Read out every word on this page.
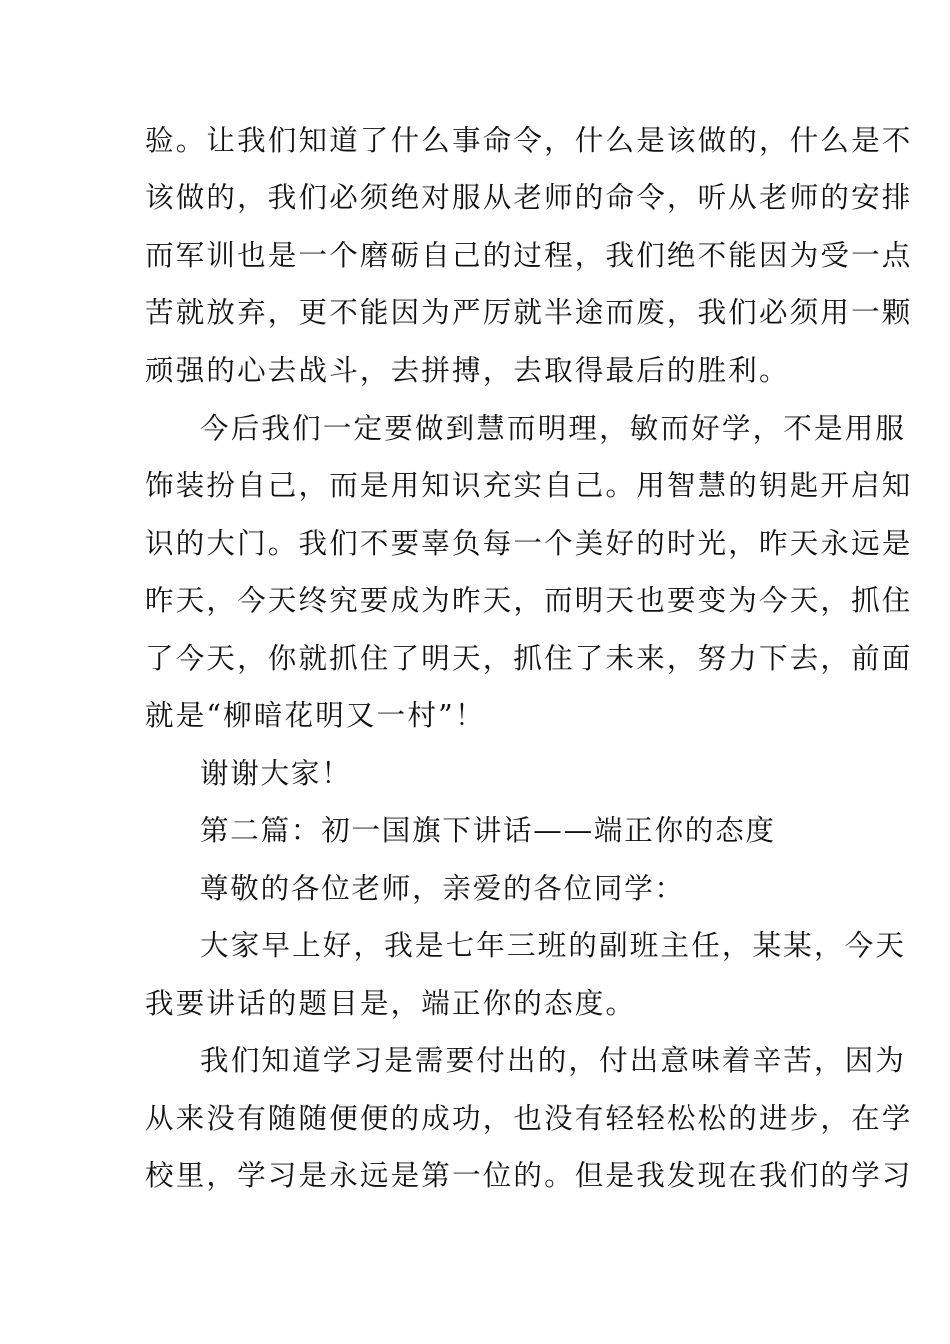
验。让我们知道了什么事命令，什么是该做的，什么是不

该做的，我们必须绝对服从老师的命令，听从老师的安排

而军训也是一个磨砺自己的过程，我们绝不能因为受一点

苦就放弃，更不能因为严厉就半途而废，我们必须用一颗

顽强的心去战斗，去拼搏，去取得最后的胜利。

今后我们一定要做到慧而明理，敏而好学，不是用服

饰装扮自己，而是用知识充实自己。用智慧的钥匙开启知

识的大门。我们不要辜负每一个美好的时光，昨天永远是

昨天，今天终究要成为昨天，而明天也要变为今天，抓住

了今天，你就抓住了明天，抓住了未来，努力下去，前面

就是“柳暗花明又一村”！

谢谢大家！

第二篇：初一国旗下讲话——端正你的态度

尊敬的各位老师，亲爱的各位同学：

大家早上好，我是七年三班的副班主任，某某，今天

我要讲话的题目是，端正你的态度。

我们知道学习是需要付出的，付出意味着辛苦，因为

从来没有随随便便的成功，也没有轻轻松松的进步，在学

校里，学习是永远是第一位的。但是我发现在我们的学习
